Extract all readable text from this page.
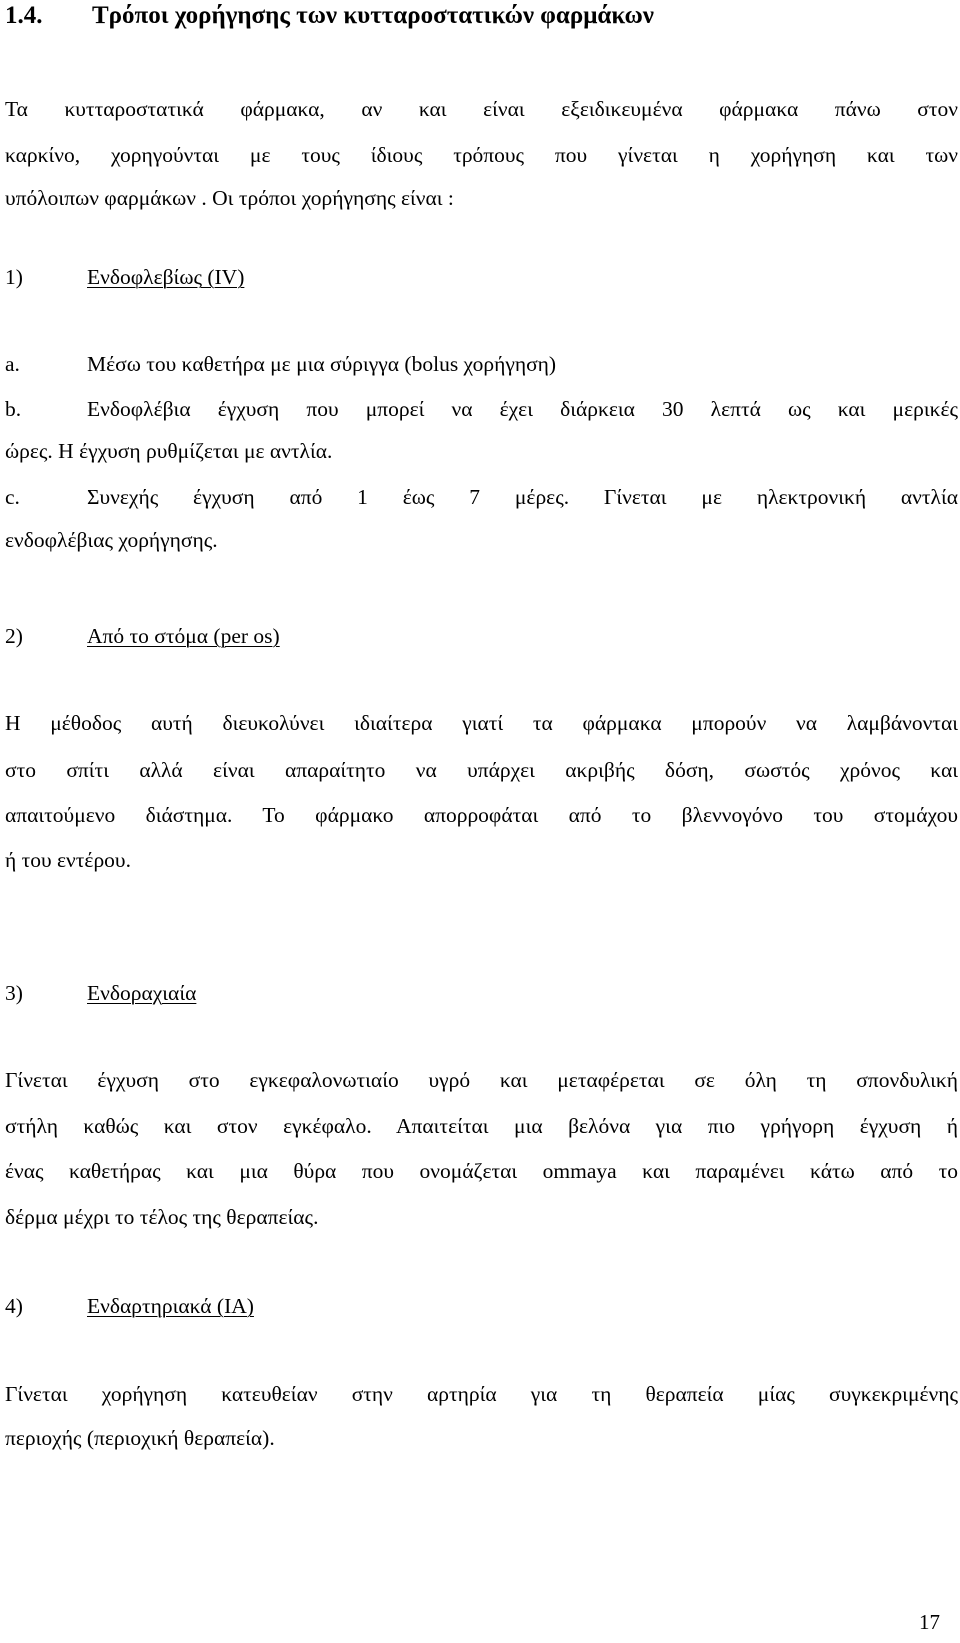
1.4. Τρόποι χορήγησης των κυτταροστατικών φαρμάκων
Τα κυτταροστατικά φάρμακα, αν και είναι εξειδικευμένα φάρμακα πάνω στον
καρκίνο, χορηγούνται με τους ίδιους τρόπους που γίνεται η χορήγηση και των
υπόλοιπων φαρμάκων . Οι τρόποι χορήγησης είναι :
1)	Ενδοφλεβίως (IV)
a.	Μέσω του καθετήρα με μια σύριγγα (bolus χορήγηση)
b.	Ενδοφλέβια έγχυση που μπορεί να έχει διάρκεια 30 λεπτά ως και μερικές
ώρες. Η έγχυση ρυθμίζεται με αντλία.
c.	Συνεχής έγχυση από 1 έως 7 μέρες. Γίνεται με ηλεκτρονική αντλία
ενδοφλέβιας χορήγησης.
2)	Από το στόμα (per os)
Η μέθοδος αυτή διευκολύνει ιδιαίτερα γιατί τα φάρμακα μπορούν να λαμβάνονται
στο σπίτι αλλά είναι απαραίτητο να υπάρχει ακριβής δόση, σωστός χρόνος και
απαιτούμενο διάστημα. Το φάρμακο απορροφάται από το βλεννογόνο του στομάχου
ή του εντέρου.
3)	Ενδοραχιαία
Γίνεται έγχυση στο εγκεφαλονωτιαίο υγρό και μεταφέρεται σε όλη τη σπονδυλική
στήλη καθώς και στον εγκέφαλο. Απαιτείται μια βελόνα για πιο γρήγορη έγχυση ή
ένας καθετήρας και μια θύρα που ονομάζεται ommaya και παραμένει κάτω από το
δέρμα μέχρι το τέλος της θεραπείας.
4)	Ενδαρτηριακά (IA)
Γίνεται χορήγηση κατευθείαν στην αρτηρία για τη θεραπεία μίας συγκεκριμένης
περιοχής (περιοχική θεραπεία).
17
